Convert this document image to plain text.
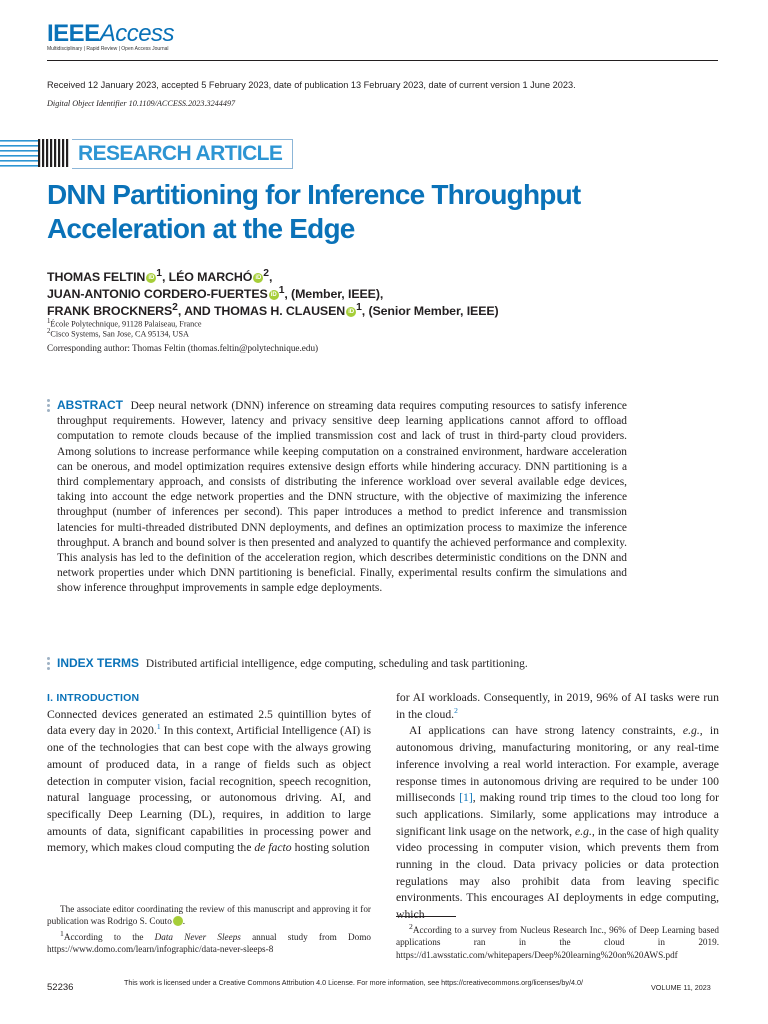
IEEEAccess
Multidisciplinary | Rapid Review | Open Access Journal
Received 12 January 2023, accepted 5 February 2023, date of publication 13 February 2023, date of current version 1 June 2023.
Digital Object Identifier 10.1109/ACCESS.2023.3244497
RESEARCH ARTICLE
DNN Partitioning for Inference Throughput
Acceleration at the Edge
THOMAS FELTIN iD $^1$, LÉO MARCHÓ iD $^2$,
JUAN-ANTONIO CORDERO-FUERTES iD $^1$, (Member, IEEE),
FRANK BROCKNERS$^2$, AND THOMAS H. CLAUSEN iD $^1$, (Senior Member, IEEE)
$^1$École Polytechnique, 91128 Palaiseau, France
$^2$Cisco Systems, San Jose, CA 95134, USA
Corresponding author: Thomas Feltin (thomas.feltin@polytechnique.edu)
ABSTRACT Deep neural network (DNN) inference on streaming data requires computing resources to satisfy inference throughput requirements. However, latency and privacy sensitive deep learning applications cannot afford to offload computation to remote clouds because of the implied transmission cost and lack of trust in third-party cloud providers. Among solutions to increase performance while keeping computation on a constrained environment, hardware acceleration can be onerous, and model optimization requires extensive design efforts while hindering accuracy. DNN partitioning is a third complementary approach, and consists of distributing the inference workload over several available edge devices, taking into account the edge network properties and the DNN structure, with the objective of maximizing the inference throughput (number of inferences per second). This paper introduces a method to predict inference and transmission latencies for multi-threaded distributed DNN deployments, and defines an optimization process to maximize the inference throughput. A branch and bound solver is then presented and analyzed to quantify the achieved performance and complexity. This analysis has led to the definition of the acceleration region, which describes deterministic conditions on the DNN and network properties under which DNN partitioning is beneficial. Finally, experimental results confirm the simulations and show inference throughput improvements in sample edge deployments.
INDEX TERMS Distributed artificial intelligence, edge computing, scheduling and task partitioning.
I. INTRODUCTION

Connected devices generated an estimated 2.5 quintillion bytes of data every day in 2020.$^1$ In this context, Artificial Intelligence (AI) is one of the technologies that can best cope with the always growing amount of produced data, in a range of fields such as object detection in computer vision, facial recognition, speech recognition, natural language processing, or autonomous driving. AI, and specifically Deep Learning (DL), requires, in addition to large amounts of data, significant capabilities in processing power and memory, which makes cloud computing the de facto hosting solution

for AI workloads. Consequently, in 2019, 96% of AI tasks were run in the cloud.$^2$

AI applications can have strong latency constraints, e.g., in autonomous driving, manufacturing monitoring, or any real-time inference involving a real world interaction. For example, average response times in autonomous driving are required to be under 100 milliseconds [1], making round trip times to the cloud too long for such applications. Similarly, some applications may introduce a significant link usage on the network, e.g., in the case of high quality video processing in computer vision, which prevents them from running in the cloud. Data privacy policies or data protection regulations may also prohibit data from leaving specific environments. This encourages AI deployments in edge computing, which

The associate editor coordinating the review of this manuscript and approving it for publication was Rodrigo S. Couto iD.

$^1$According to the Data Never Sleeps annual study from Domo https://www.domo.com/learn/infographic/data-never-sleeps-8

$^2$According to a survey from Nucleus Research Inc., 96% of Deep Learning based applications ran in the cloud in 2019. https://d1.awsstatic.com/whitepapers/Deep%20learning%20on%20AWS.pdf

52236	This work is licensed under a Creative Commons Attribution 4.0 License. For more information, see https://creativecommons.org/licenses/by/4.0/
VOLUME 11, 2023
